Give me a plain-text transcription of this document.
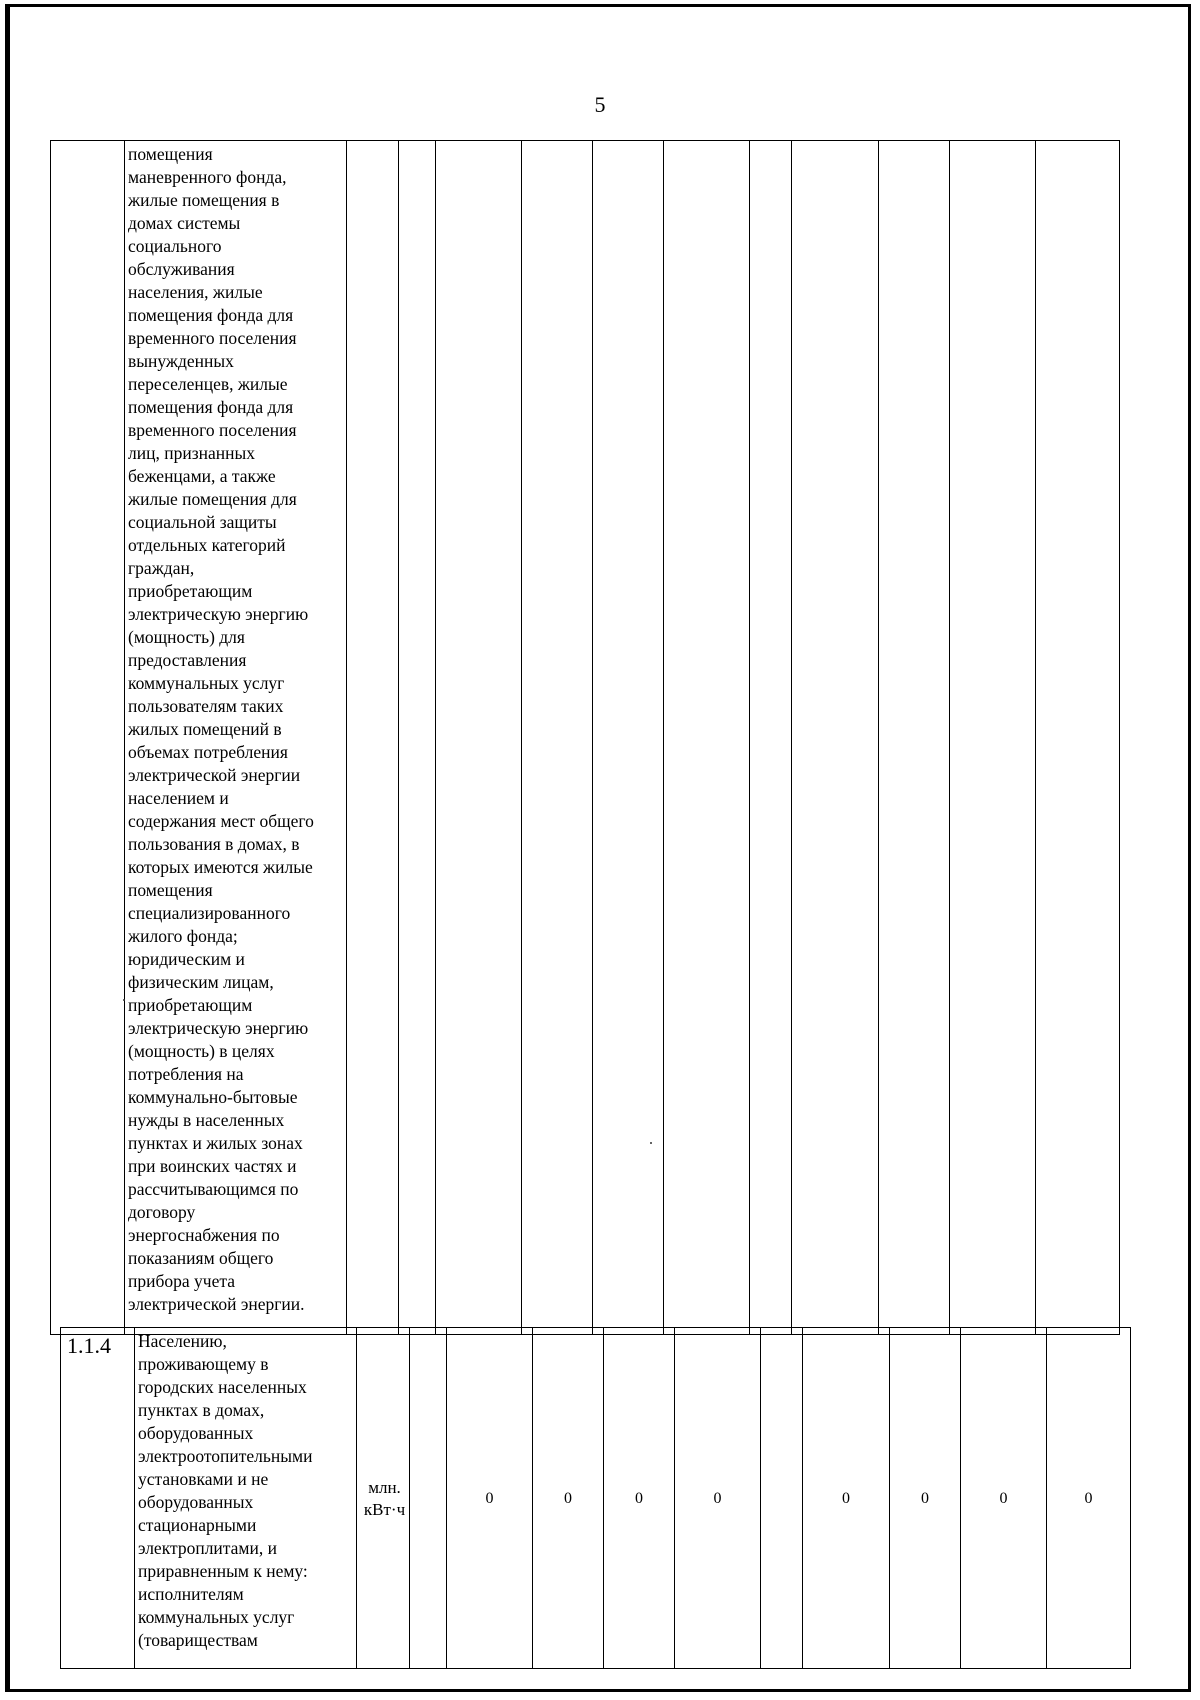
5
	помещения
маневренного фонда,
жилые помещения в
домах системы
социального
обслуживания
населения, жилые
помещения фонда для
временного поселения
вынужденных
переселенцев, жилые
помещения фонда для
временного поселения
лиц, признанных
беженцами, а также
жилые помещения для
социальной защиты
отдельных категорий
граждан,
приобретающим
электрическую энергию
(мощность) для
предоставления
коммунальных услуг
пользователям таких
жилых помещений в
объемах потребления
электрической энергии
населением и
содержания мест общего
пользования в домах, в
которых имеются жилые
помещения
специализированного
жилого фонда;
юридическим и
физическим лицам,
приобретающим
электрическую энергию
(мощность) в целях
потребления на
коммунально-бытовые
нужды в населенных
пунктах и жилых зонах
при воинских частях и
рассчитывающимся по
договору
энергоснабжения по
показаниям общего
прибора учета
электрической энергии.											
1.1.4	Населению,
проживающему в
городских населенных
пунктах в домах,
оборудованных
электроотопительными
установками и не
оборудованных
стационарными
электроплитами, и
приравненным к нему:
исполнителям
коммунальных услуг
(товариществам	млн.
кВт·ч		0	0	0	0		0	0	0	0
